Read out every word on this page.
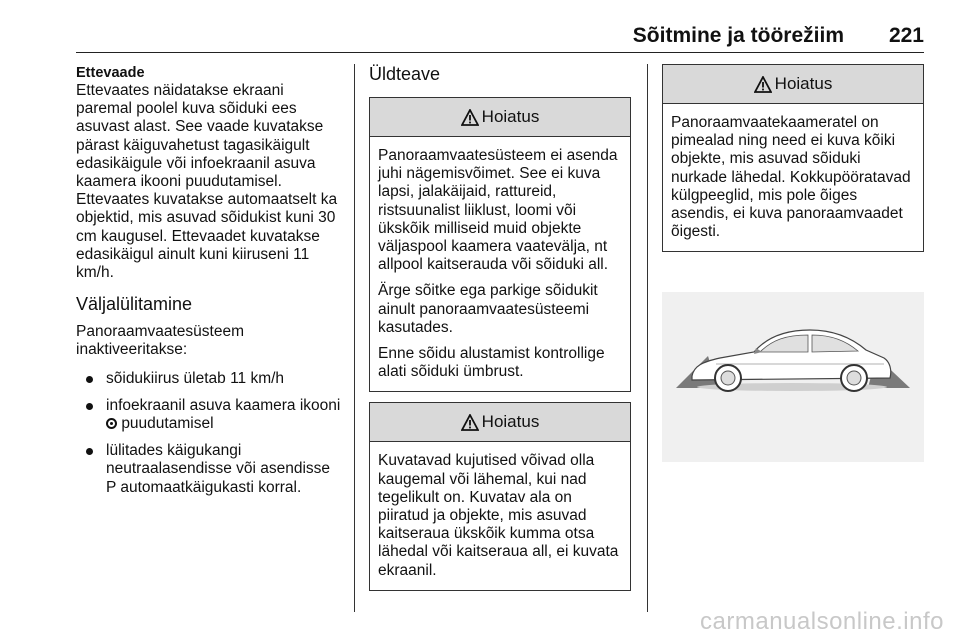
Sõitmine ja töörežiim 221
Ettevaade
Ettevaates näidatakse ekraani paremal poolel kuva sõiduki ees asuvast alast. See vaade kuvatakse pärast käiguvahetust tagasikäigult edasikäigule või infoekraanil asuva kaamera ikooni puudutamisel.
Ettevaates kuvatakse automaatselt ka objektid, mis asuvad sõidukist kuni 30 cm kaugusel. Ettevaadet kuvatakse edasikäigul ainult kuni kiiruseni 11 km/h.
Väljalülitamine
Panoraamvaatesüsteem inaktiveeritakse:
sõidukiirus ületab 11 km/h
infoekraanil asuva kaamera ikooni  puudutamisel
lülitades käigukangi neutraalasendisse või asendisse P automaatkäigukasti korral.
Üldteave
Hoiatus

Panoraamvaatesüsteem ei asenda juhi nägemisvõimet. See ei kuva lapsi, jalakäijaid, rattureid, ristsuunalist liiklust, loomi või ükskõik milliseid muid objekte väljaspool kaamera vaatevälja, nt allpool kaitserauda või sõiduki all.

Ärge sõitke ega parkige sõidukit ainult panoraamvaatesüsteemi kasutades.

Enne sõidu alustamist kontrollige alati sõiduki ümbrust.

Hoiatus

Kuvatavad kujutised võivad olla kaugemal või lähemal, kui nad tegelikult on. Kuvatav ala on piiratud ja objekte, mis asuvad kaitseraua ükskõik kumma otsa lähedal või kaitseraua all, ei kuvata ekraanil.

Hoiatus

Panoraamvaatekaameratel on pimealad ning need ei kuva kõiki objekte, mis asuvad sõiduki nurkade lähedal. Kokkupööratavad külgpeeglid, mis pole õiges asendis, ei kuva panoraamvaadet õigesti.

carmanualsonline.info
